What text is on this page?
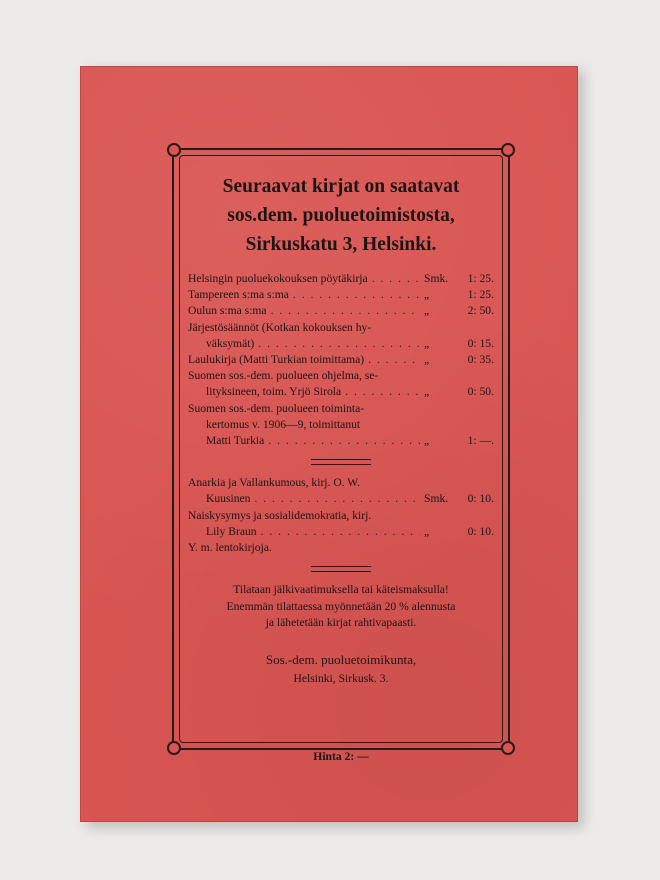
Seuraavat kirjat on saatavat
sos.dem. puoluetoimistosta,
Sirkuskatu 3, Helsinki.
Helsingin puoluekokouksen pöytäkirja . . .	Smk.	1: 25.
Tampereen s:ma s:ma . . .	„	1: 25.
Oulun s:ma s:ma . . .	„	2: 50.
Järjestösäännöt (Kotkan kokouksen hy-
väksymät) . . .	„	0: 15.
Laulukirja (Matti Turkian toimittama) . . .	„	0: 35.
Suomen sos.-dem. puolueen ohjelma, se-
lityksineen, toim. Yrjö Sirola . . .	„	0: 50.
Suomen sos.-dem. puolueen toiminta-
kertomus v. 1906—9, toimittanut
Matti Turkia . . .	„	1: —.
Anarkia ja Vallankumous, kirj. O. W.
Kuusinen . . .	Smk.	0: 10.
Naiskysymys ja sosialidemokratia, kirj.
Lily Braun . . .	„	0: 10.
Y. m. lentokirjoja.
Tilataan jälkivaatimuksella tai käteismaksulla!
Enemmän tilattaessa myönnetään 20 % alennusta
ja lähetetään kirjat rahtivapaasti.
Sos.-dem. puoluetoimikunta,
Helsinki, Sirkusk. 3.
Hinta 2: —
